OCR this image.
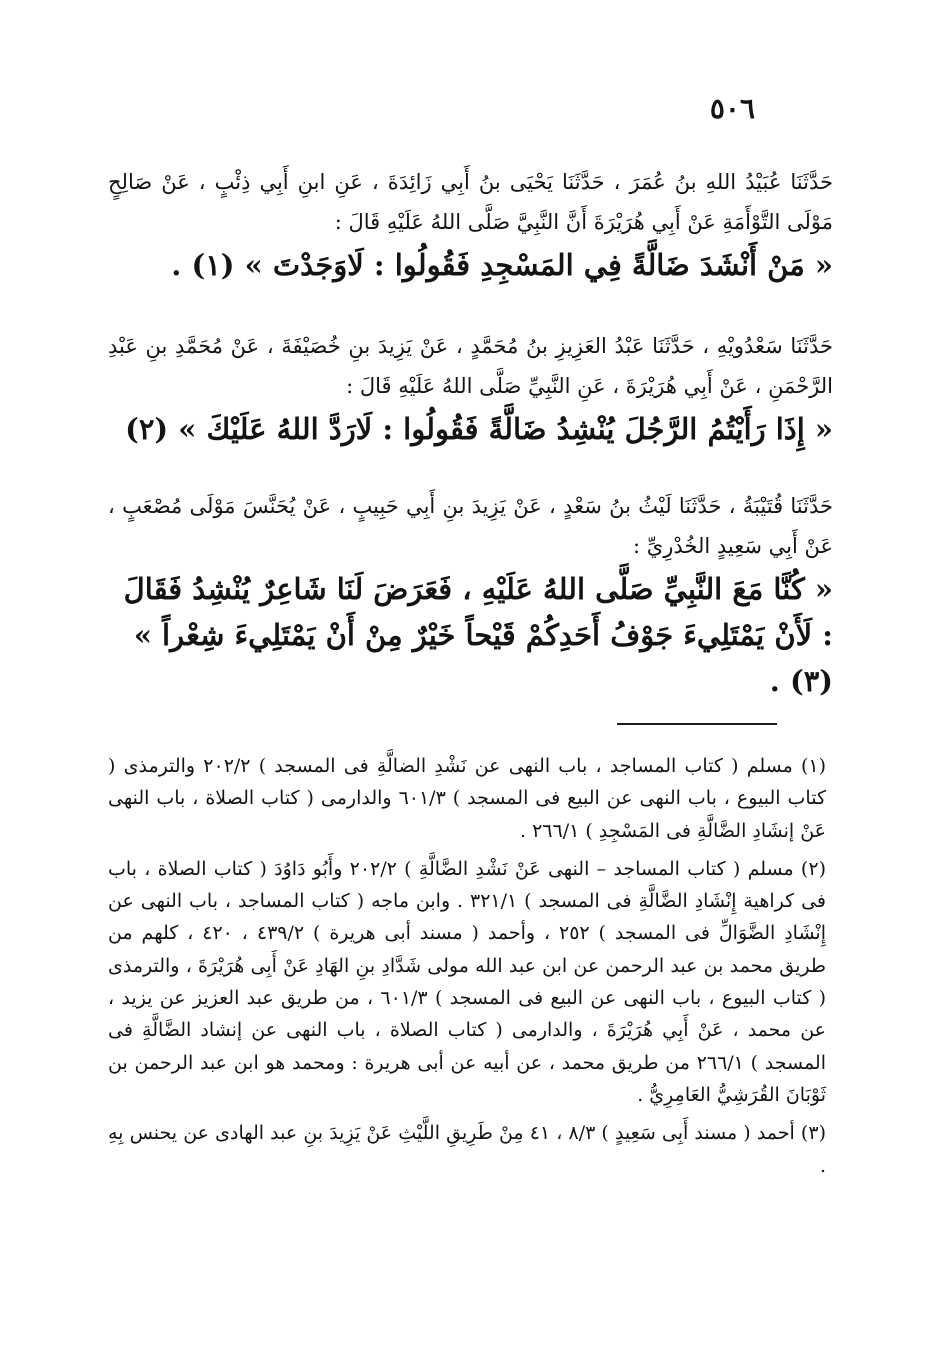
٥٠٦

حَدَّثَنَا عُبَيْدُ اللهِ بنُ عُمَرَ ، حَدَّثَنَا يَحْيَى بنُ أَبِي زَائِدَةَ ، عَنِ ابنِ أَبِي ذِئْبٍ ، عَنْ صَالِحٍ مَوْلَى التَّوْأَمَةِ عَنْ أَبِي هُرَيْرَةَ أَنَّ النَّبِيَّ صَلَّى اللهُ عَلَيْهِ قَالَ :

« مَنْ أَنْشَدَ ضَالَّةً فِي المَسْجِدِ فَقُولُوا : لَاوَجَدْتَ » (١) .

حَدَّثَنَا سَعْدُويْهِ ، حَدَّثَنَا عَبْدُ العَزِيزِ بنُ مُحَمَّدٍ ، عَنْ يَزِيدَ بنِ خُصَيْفَةَ ، عَنْ مُحَمَّدِ بنِ عَبْدِ الرَّحْمَنِ ، عَنْ أَبِي هُرَيْرَةَ ، عَنِ النَّبِيِّ صَلَّى اللهُ عَلَيْهِ قَالَ :

« إِذَا رَأَيْتُمُ الرَّجُلَ يُنْشِدُ ضَالَّةً فَقُولُوا : لَارَدَّ اللهُ عَلَيْكَ » (٢)

حَدَّثَنَا قُتَيْبَةُ ، حَدَّثَنَا لَيْثُ بنُ سَعْدٍ ، عَنْ يَزِيدَ بنِ أَبِي حَبِيبٍ ، عَنْ يُحَنَّسَ مَوْلَى مُصْعَبٍ ، عَنْ أَبِي سَعِيدٍ الخُدْرِيِّ :

« كُنَّا مَعَ النَّبِيِّ صَلَّى اللهُ عَلَيْهِ ، فَعَرَضَ لَنَا شَاعِرٌ يُنْشِدُ فَقَالَ : لَأَنْ يَمْتَلِيءَ جَوْفُ أَحَدِكُمْ قَيْحاً خَيْرٌ مِنْ أَنْ يَمْتَلِيءَ شِعْراً » (٣) .

(١) مسلم ( كتاب المساجد ، باب النهى عن نَشْدِ الضالَّةِ فى المسجد ) ٢٠٢/٢ والترمذى ( كتاب البيوع ، باب النهى عن البيع فى المسجد ) ٦٠١/٣ والدارمى ( كتاب الصلاة ، باب النهى عَنْ إنشَادِ الضَّالَّةِ فى المَسْجِدِ ) ٢٦٦/١ .

(٢) مسلم ( كتاب المساجد – النهى عَنْ نَشْدِ الضَّالَّةِ ) ٢٠٢/٢ وأَبُو دَاوُدَ ( كتاب الصلاة ، باب فى كراهية إِنْشَادِ الضَّالَّةِ فى المسجد ) ٣٢١/١ . وابن ماجه ( كتاب المساجد ، باب النهى عن إِنْشَادِ الضَّوَالِّ فى المسجد ) ٢٥٢ ، وأحمد ( مسند أبى هريرة ) ٤٣٩/٢ ، ٤٢٠ ، كلهم من طريق محمد بن عبد الرحمن عن ابن عبد الله مولى شَدَّادِ بنِ الهَادِ عَنْ أَبِى هُرَيْرَةَ ، والترمذى ( كتاب البيوع ، باب النهى عن البيع فى المسجد ) ٦٠١/٣ ، من طريق عبد العزيز عن يزيد ، عن محمد ، عَنْ أَبِي هُرَيْرَةَ ، والدارمى ( كتاب الصلاة ، باب النهى عن إنشاد الضَّالَّةِ فى المسجد ) ٢٦٦/١ من طريق محمد ، عن أبيه عن أبى هريرة : ومحمد هو ابن عبد الرحمن بن ثَوْبَانَ القُرَشِيُّ العَامِرِيُّ .

(٣) أحمد ( مسند أَبِى سَعِيدٍ ) ٨/٣ ، ٤١ مِنْ طَرِيقِ اللَّيْثِ عَنْ يَزِيدَ بنِ عبد الهادى عن يحنس بِهِ .
